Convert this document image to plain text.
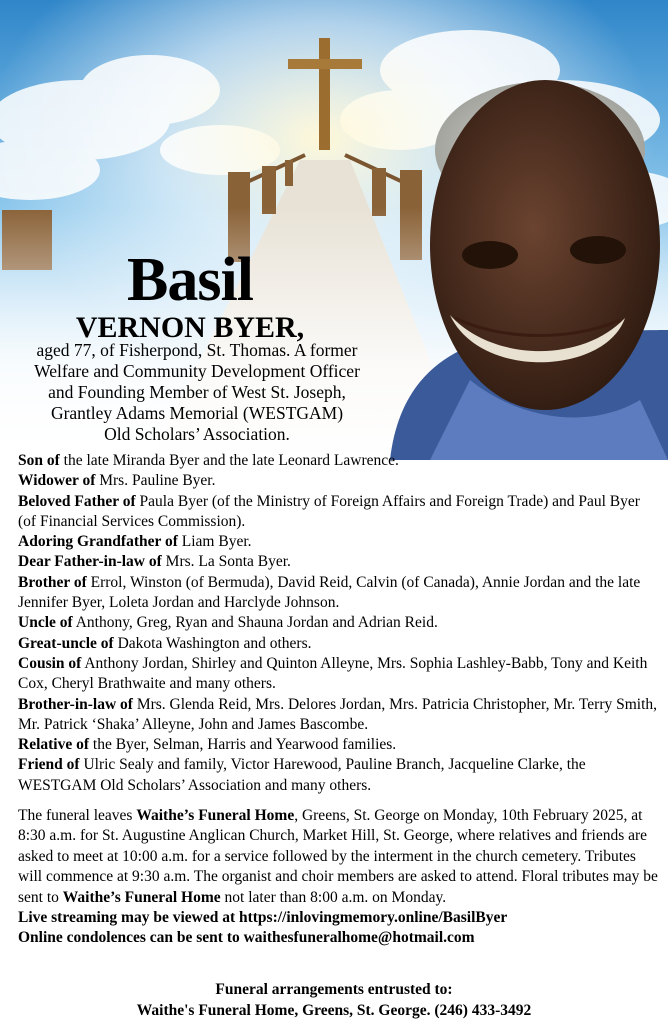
Basil
VERNON BYER,
aged 77, of Fisherpond, St. Thomas. A former
Welfare and Community Development Officer
and Founding Member of West St. Joseph,
Grantley Adams Memorial (WESTGAM)
Old Scholars’ Association.

Son of the late Miranda Byer and the late Leonard Lawrence.

Widower of Mrs. Pauline Byer.

Beloved Father of Paula Byer (of the Ministry of Foreign Affairs and Foreign Trade) and Paul Byer (of Financial Services Commission).

Adoring Grandfather of Liam Byer.

Dear Father-in-law of Mrs. La Sonta Byer.

Brother of Errol, Winston (of Bermuda), David Reid, Calvin (of Canada), Annie Jordan and the late Jennifer Byer, Loleta Jordan and Harclyde Johnson.

Uncle of Anthony, Greg, Ryan and Shauna Jordan and Adrian Reid.

Great-uncle of Dakota Washington and others.

Cousin of Anthony Jordan, Shirley and Quinton Alleyne, Mrs. Sophia Lashley-Babb, Tony and Keith Cox, Cheryl Brathwaite and many others.

Brother-in-law of Mrs. Glenda Reid, Mrs. Delores Jordan, Mrs. Patricia Christopher, Mr. Terry Smith, Mr. Patrick ‘Shaka’ Alleyne, John and James Bascombe.

Relative of the Byer, Selman, Harris and Yearwood families.

Friend of Ulric Sealy and family, Victor Harewood, Pauline Branch, Jacqueline Clarke, the WESTGAM Old Scholars’ Association and many others.

The funeral leaves Waithe’s Funeral Home, Greens, St. George on Monday, 10th February 2025, at 8:30 a.m. for St. Augustine Anglican Church, Market Hill, St. George, where relatives and friends are asked to meet at 10:00 a.m. for a service followed by the interment in the church cemetery. Tributes will commence at 9:30 a.m. The organist and choir members are asked to attend. Floral tributes may be sent to Waithe’s Funeral Home not later than 8:00 a.m. on Monday.

Live streaming may be viewed at https://inlovingmemory.online/BasilByer

Online condolences can be sent to waithesfuneralhome@hotmail.com

Funeral arrangements entrusted to:
Waithe's Funeral Home, Greens, St. George. (246) 433-3492
